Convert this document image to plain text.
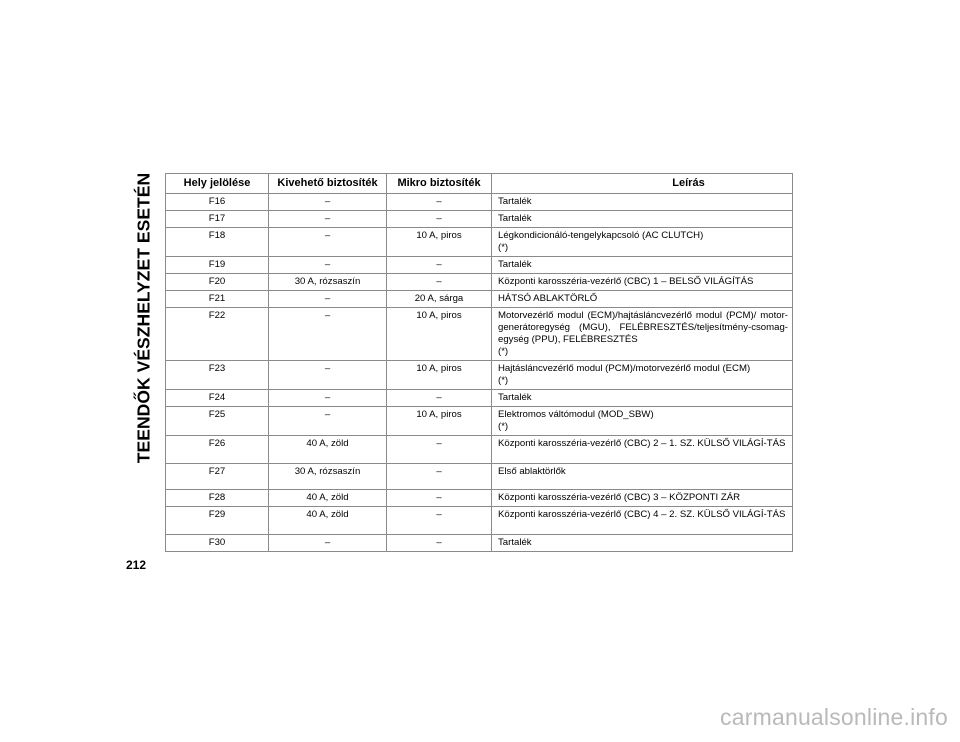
TEENDŐK VÉSZHELYZET ESETÉN	Hely jelölése	Kivehető biztosíték	Mikro biztosíték	Leírás
F16	–	–	Tartalék

F17	–	–	Tartalék

F18	–	10 A, piros	Légkondicionáló-tengelykapcsoló (AC CLUTCH)
(*)

F19	–	–	Tartalék

F20	30 A, rózsaszín	–	Központi karosszéria-vezérlő (CBC) 1 – BELSŐ VILÁGÍTÁS

F21	–	20 A, sárga	HÁTSÓ ABLAKTÖRLŐ

F22	–	10 A, piros	Motorvezérlő modul (ECM)/hajtásláncvezérlő modul (PCM)/ motor-generátoregység (MGU), FELÉBRESZTÉS/teljesítmény-csomag-egység (PPU), FELÉBRESZTÉS
(*)

F23	–	10 A, piros	Hajtásláncvezérlő modul (PCM)/motorvezérlő modul (ECM)
(*)

F24	–	–	Tartalék

F25	–	10 A, piros	Elektromos váltómodul (MOD_SBW)
(*)

F26	40 A, zöld	–	Központi karosszéria-vezérlő (CBC) 2 – 1. SZ. KÜLSŐ VILÁGÍ-TÁS

F27	30 A, rózsaszín	–	Első ablaktörlők

F28	40 A, zöld	–	Központi karosszéria-vezérlő (CBC) 3 – KÖZPONTI ZÁR

F29	40 A, zöld	–	Központi karosszéria-vezérlő (CBC) 4 – 2. SZ. KÜLSŐ VILÁGÍ-TÁS

F30	–	–	Tartalék
212
carmanualsonline.info
